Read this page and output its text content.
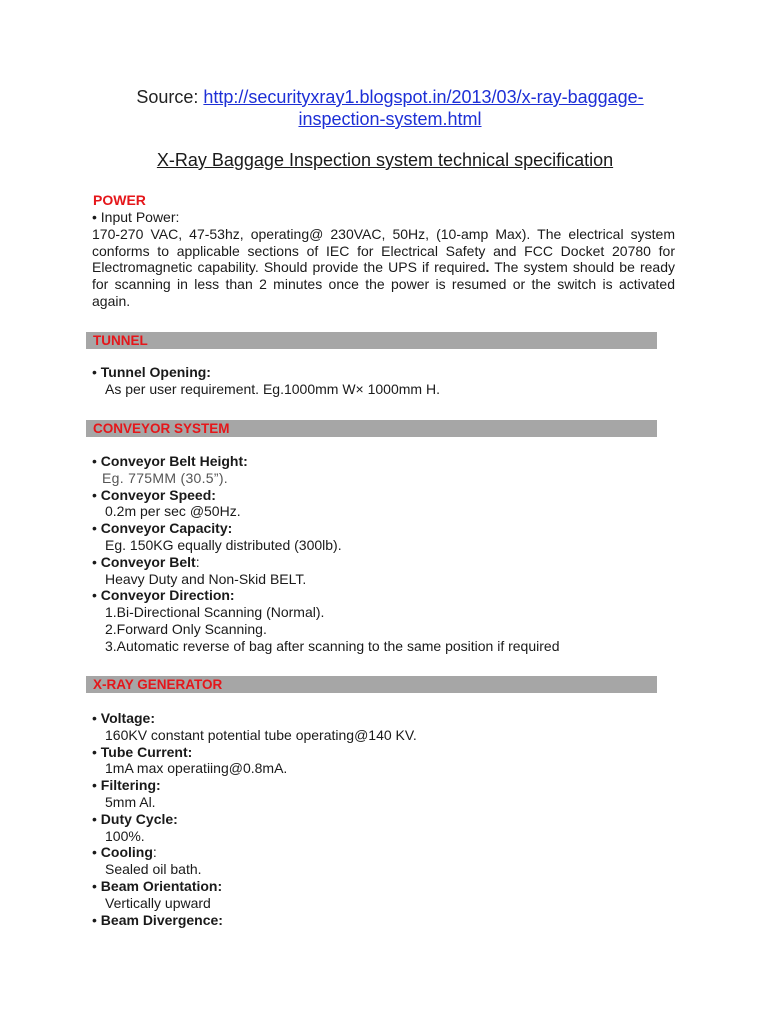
Source: http://securityxray1.blogspot.in/2013/03/x-ray-baggage-
inspection-system.html
X-Ray Baggage Inspection system technical specification
POWER
• Input Power:
170-270 VAC, 47-53hz, operating@ 230VAC, 50Hz, (10-amp Max). The electrical system conforms to applicable sections of IEC for Electrical Safety and FCC Docket 20780 for Electromagnetic capability. Should provide the UPS if required. The system should be ready for scanning in less than 2 minutes once the power is resumed or the switch is activated again.
TUNNEL
• Tunnel Opening:
As per user requirement. Eg.1000mm W× 1000mm H.
CONVEYOR SYSTEM
• Conveyor Belt Height:
Eg. 775MM (30.5”).
• Conveyor Speed:
0.2m per sec @50Hz.
• Conveyor Capacity:
Eg. 150KG equally distributed (300lb).
• Conveyor Belt:
Heavy Duty and Non-Skid BELT.
• Conveyor Direction:
1.Bi-Directional Scanning (Normal).
2.Forward Only Scanning.
3.Automatic reverse of bag after scanning to the same position if required
X-RAY GENERATOR
• Voltage:
160KV constant potential tube operating@140 KV.
• Tube Current:
1mA max operatiing@0.8mA.
• Filtering:
5mm Al.
• Duty Cycle:
100%.
• Cooling:
Sealed oil bath.
• Beam Orientation:
Vertically upward
• Beam Divergence:
